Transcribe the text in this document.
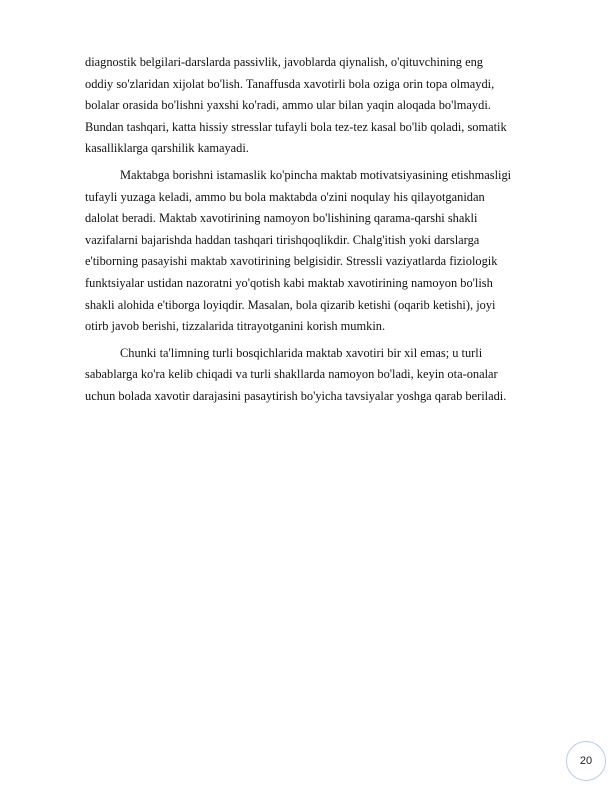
diagnostik belgilari-darslarda passivlik, javoblarda qiynalish, o'qituvchining eng
oddiy so'zlaridan xijolat bo'lish. Tanaffusda xavotirli bola oziga orin topa olmaydi,
bolalar orasida bo'lishni yaxshi ko'radi, ammo ular bilan yaqin aloqada bo'lmaydi.
Bundan tashqari, katta hissiy stresslar tufayli bola tez-tez kasal bo'lib qoladi, somatik
kasalliklarga qarshilik kamayadi.
Maktabga borishni istamaslik ko'pincha maktab motivatsiyasining etishmasligi
tufayli yuzaga keladi, ammo bu bola maktabda o'zini noqulay his qilayotganidan
dalolat beradi. Maktab xavotirining namoyon bo'lishining qarama-qarshi shakli
vazifalarni bajarishda haddan tashqari tirishqoqlikdir. Chalg'itish yoki darslarga
e'tiborning pasayishi maktab xavotirining belgisidir. Stressli vaziyatlarda fiziologik
funktsiyalar ustidan nazoratni yo'qotish kabi maktab xavotirining namoyon bo'lish
shakli alohida e'tiborga loyiqdir. Masalan, bola qizarib ketishi (oqarib ketishi), joyi
otirb javob berishi, tizzalarida titrayotganini korish mumkin.
Chunki ta'limning turli bosqichlarida maktab xavotiri bir xil emas; u turli
sabablarga ko'ra kelib chiqadi va turli shakllarda namoyon bo'ladi, keyin ota-onalar
uchun bolada xavotir darajasini pasaytirish bo'yicha tavsiyalar yoshga qarab beriladi.
20
